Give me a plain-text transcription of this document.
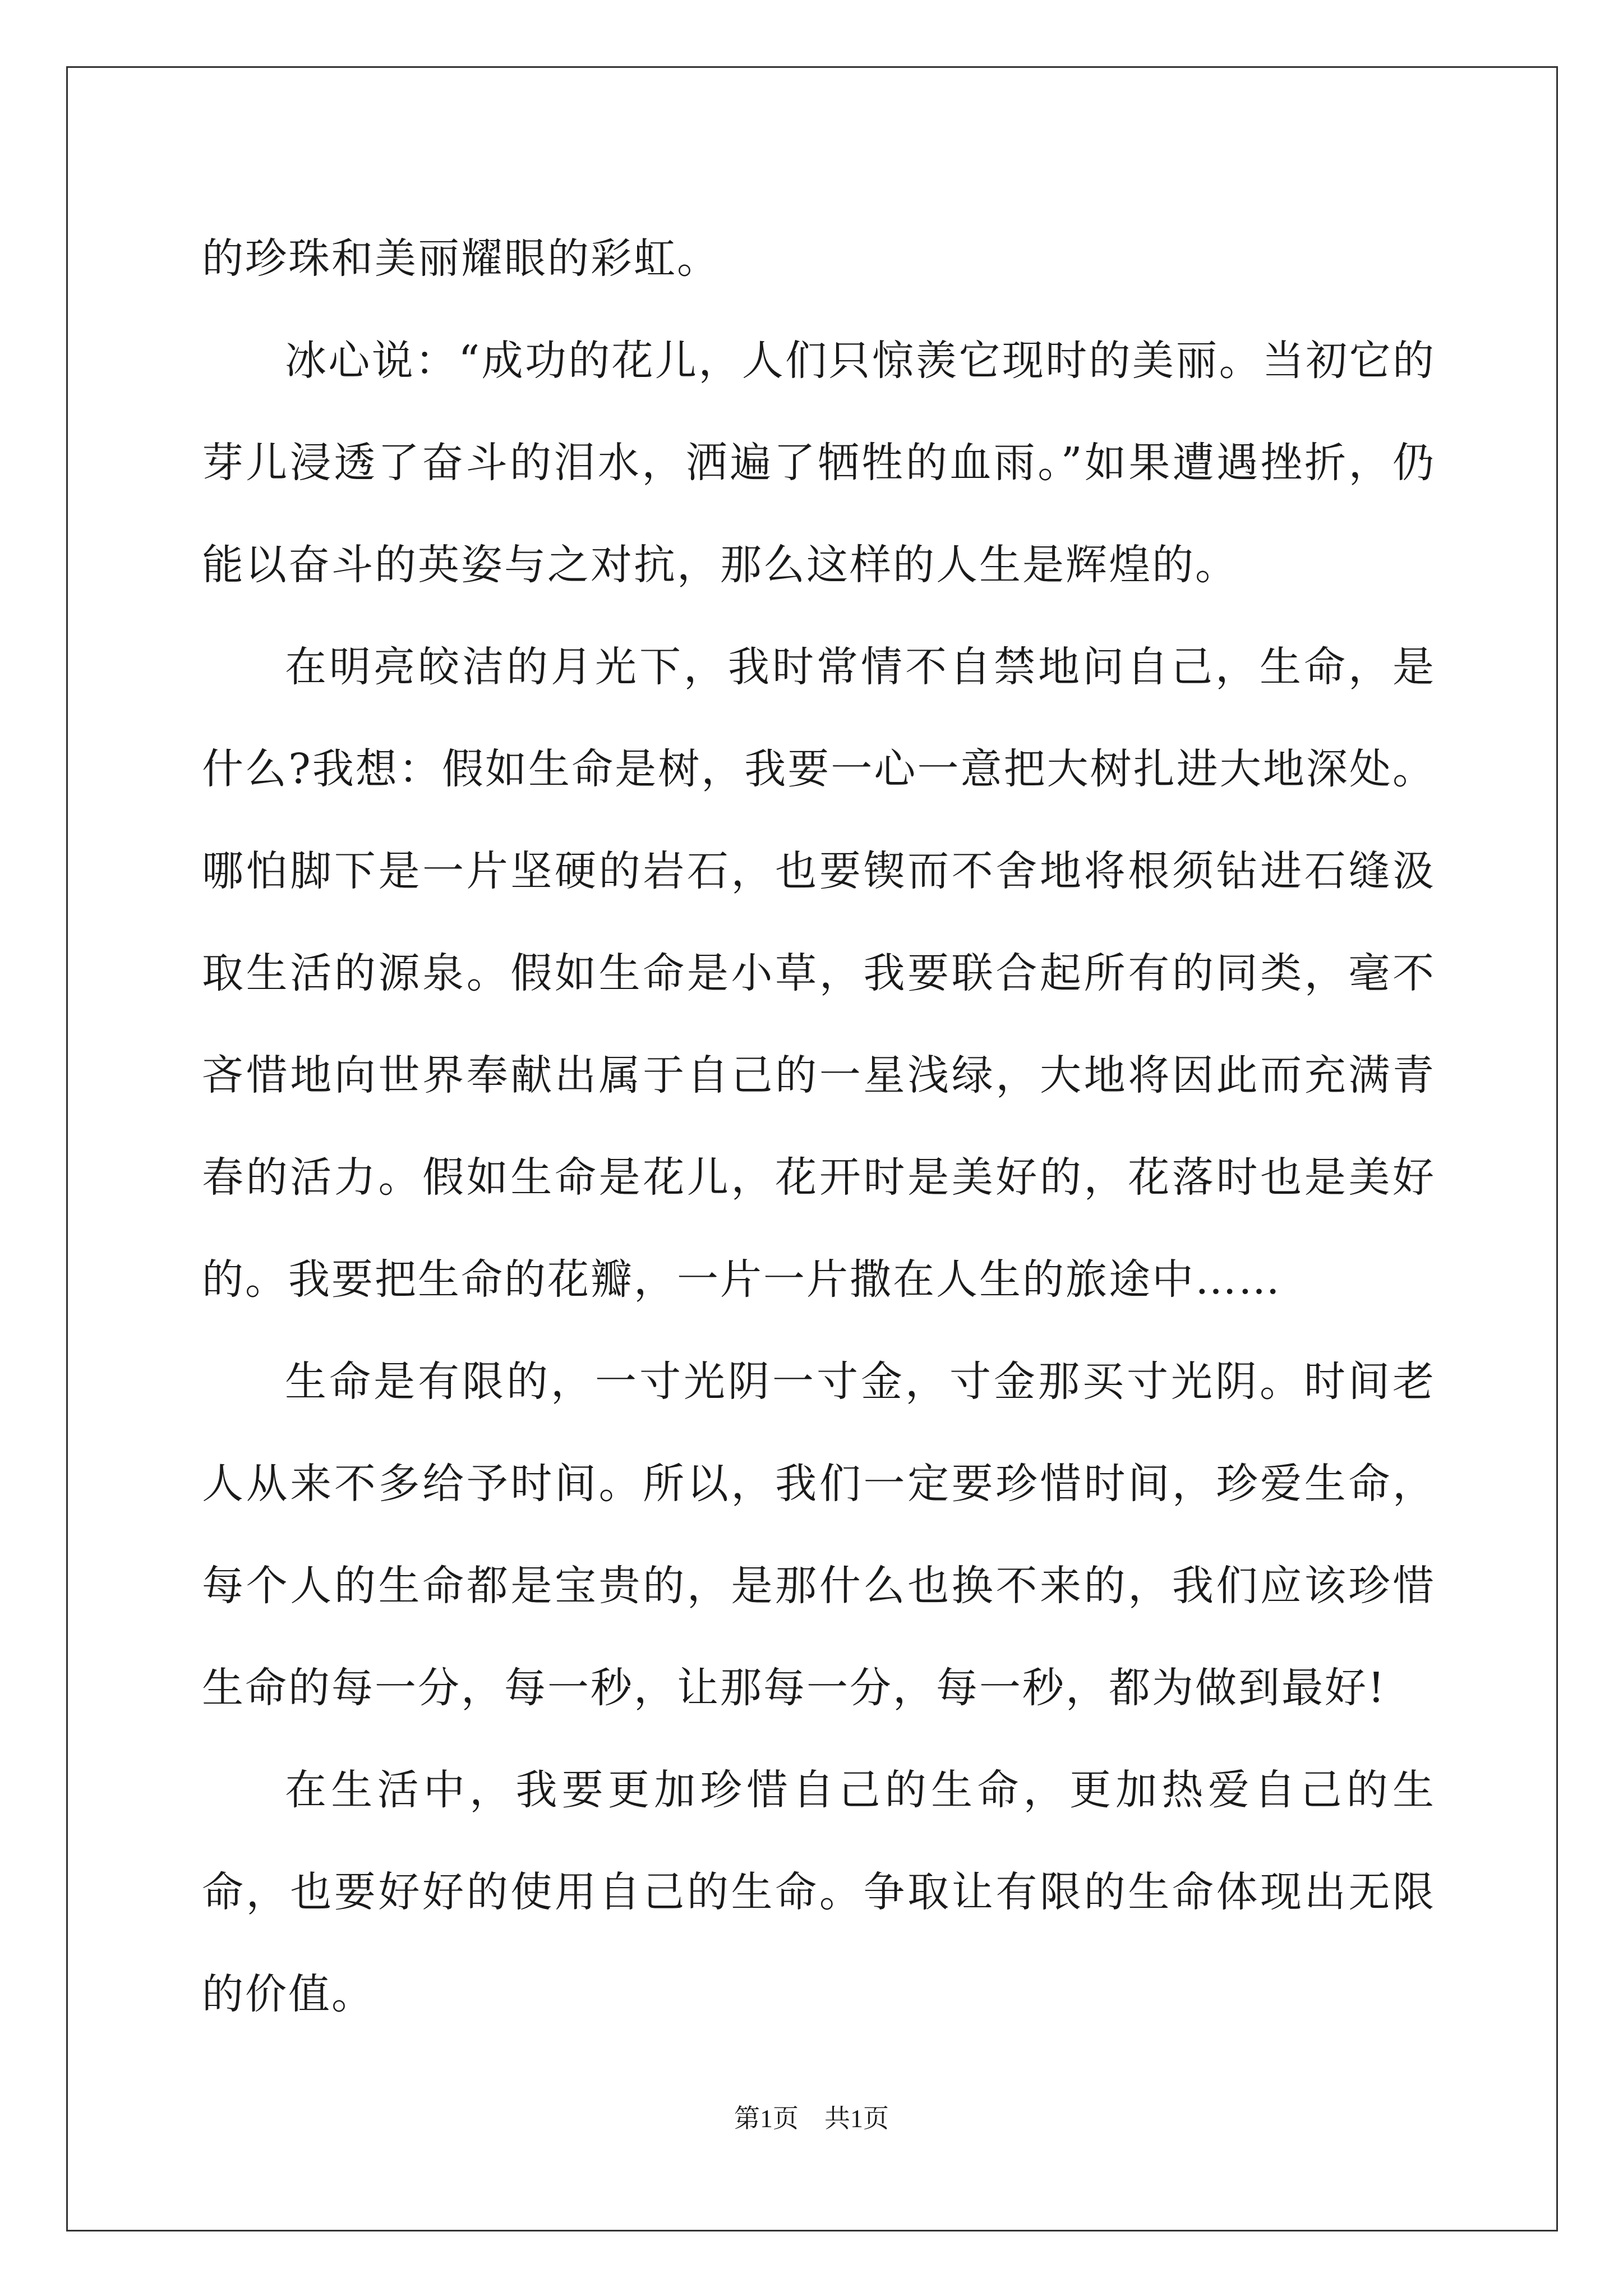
的珍珠和美丽耀眼的彩虹。

冰心说：“成功的花儿，人们只惊羡它现时的美丽。当初它的芽儿浸透了奋斗的泪水，洒遍了牺牲的血雨。”如果遭遇挫折，仍能以奋斗的英姿与之对抗，那么这样的人生是辉煌的。

在明亮皎洁的月光下，我时常情不自禁地问自己，生命，是什么?我想：假如生命是树，我要一心一意把大树扎进大地深处。哪怕脚下是一片坚硬的岩石，也要锲而不舍地将根须钻进石缝汲取生活的源泉。假如生命是小草，我要联合起所有的同类，毫不吝惜地向世界奉献出属于自己的一星浅绿，大地将因此而充满青春的活力。假如生命是花儿，花开时是美好的，花落时也是美好的。我要把生命的花瓣，一片一片撒在人生的旅途中……

生命是有限的，一寸光阴一寸金，寸金那买寸光阴。时间老人从来不多给予时间。所以，我们一定要珍惜时间，珍爱生命，每个人的生命都是宝贵的，是那什么也换不来的，我们应该珍惜生命的每一分，每一秒，让那每一分，每一秒，都为做到最好!

在生活中，我要更加珍惜自己的生命，更加热爱自己的生命，也要好好的使用自己的生命。争取让有限的生命体现出无限的价值。

第1页　共1页
